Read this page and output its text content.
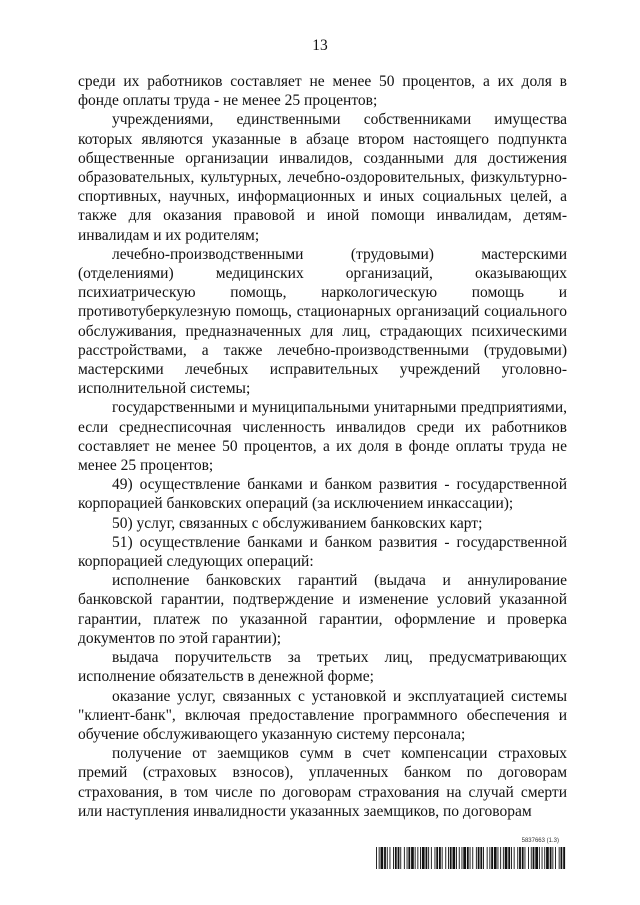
13

среди их работников составляет не менее 50 процентов, а их доля в фонде оплаты труда - не менее 25 процентов;

учреждениями, единственными собственниками имущества которых являются указанные в абзаце втором настоящего подпункта общественные организации инвалидов, созданными для достижения образовательных, культурных, лечебно-оздоровительных, физкультурно-спортивных, научных, информационных и иных социальных целей, а также для оказания правовой и иной помощи инвалидам, детям-инвалидам и их родителям;

лечебно-производственными (трудовыми) мастерскими (отделениями) медицинских организаций, оказывающих психиатрическую помощь, наркологическую помощь и противотуберкулезную помощь, стационарных организаций социального обслуживания, предназначенных для лиц, страдающих психическими расстройствами, а также лечебно-производственными (трудовыми) мастерскими лечебных исправительных учреждений уголовно-исполнительной системы;

государственными и муниципальными унитарными предприятиями, если среднесписочная численность инвалидов среди их работников составляет не менее 50 процентов, а их доля в фонде оплаты труда не менее 25 процентов;

49) осуществление банками и банком развития - государственной корпорацией банковских операций (за исключением инкассации);

50) услуг, связанных с обслуживанием банковских карт;

51) осуществление банками и банком развития - государственной корпорацией следующих операций:

исполнение банковских гарантий (выдача и аннулирование банковской гарантии, подтверждение и изменение условий указанной гарантии, платеж по указанной гарантии, оформление и проверка документов по этой гарантии);

выдача поручительств за третьих лиц, предусматривающих исполнение обязательств в денежной форме;

оказание услуг, связанных с установкой и эксплуатацией системы "клиент-банк", включая предоставление программного обеспечения и обучение обслуживающего указанную систему персонала;

получение от заемщиков сумм в счет компенсации страховых премий (страховых взносов), уплаченных банком по договорам страхования, в том числе по договорам страхования на случай смерти или наступления инвалидности указанных заемщиков, по договорам

5837663 (1.3)
